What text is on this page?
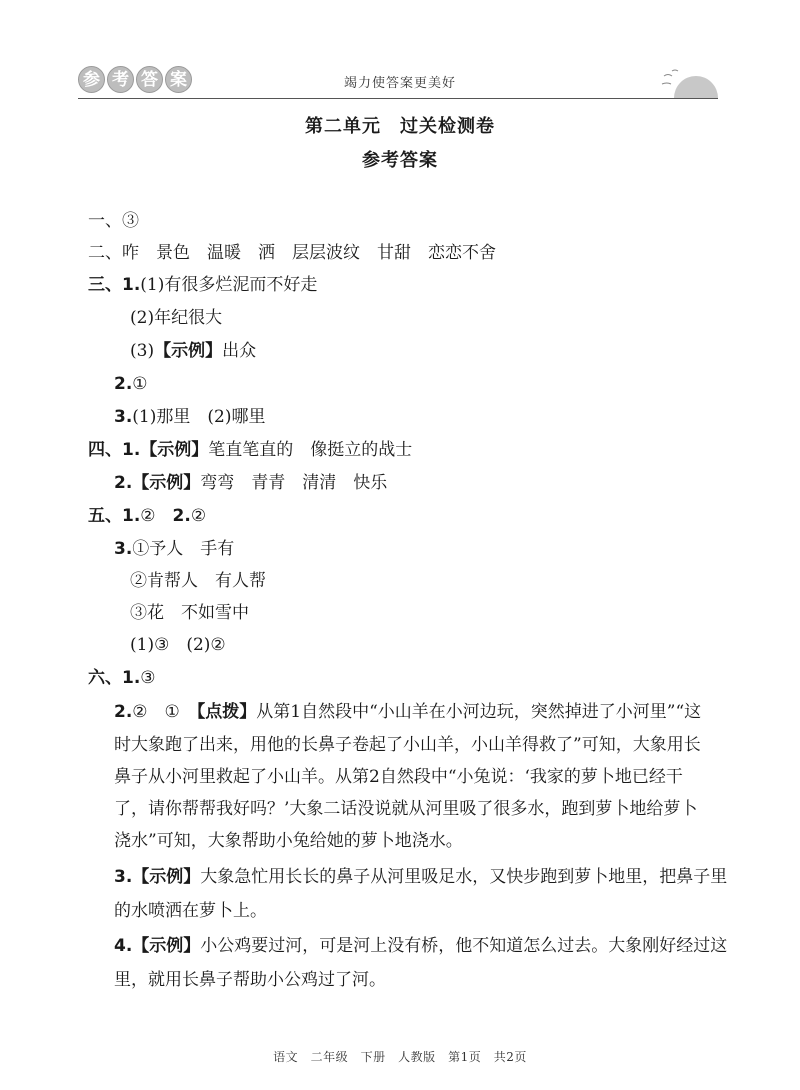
参 考 答 案	竭力使答案更美好
第二单元　过关检测卷
参考答案
一、③
二、咋　景色　温暖　洒　层层波纹　甘甜　恋恋不舍
三、1.(1)有很多烂泥而不好走
(2)年纪很大
(3)【示例】出众
2.①
3.(1)那里　(2)哪里
四、1.【示例】笔直笔直的　像挺立的战士
2.【示例】弯弯　青青　清清　快乐
五、1.②　2.②
3.①予人　手有
②肯帮人　有人帮
③花　不如雪中
(1)③　(2)②
六、1.③
2.②　①　【点拨】从第1自然段中“小山羊在小河边玩，突然掉进了小河里”“这
时大象跑了出来，用他的长鼻子卷起了小山羊，小山羊得救了”可知，大象用长
鼻子从小河里救起了小山羊。从第2自然段中“小兔说：‘我家的萝卜地已经干
了，请你帮帮我好吗？’大象二话没说就从河里吸了很多水，跑到萝卜地给萝卜
浇水”可知，大象帮助小兔给她的萝卜地浇水。
3.【示例】大象急忙用长长的鼻子从河里吸足水，又快步跑到萝卜地里，把鼻子里
的水喷洒在萝卜上。
4.【示例】小公鸡要过河，可是河上没有桥，他不知道怎么过去。大象刚好经过这
里，就用长鼻子帮助小公鸡过了河。
语文　二年级　下册　人教版　第1页　共2页
